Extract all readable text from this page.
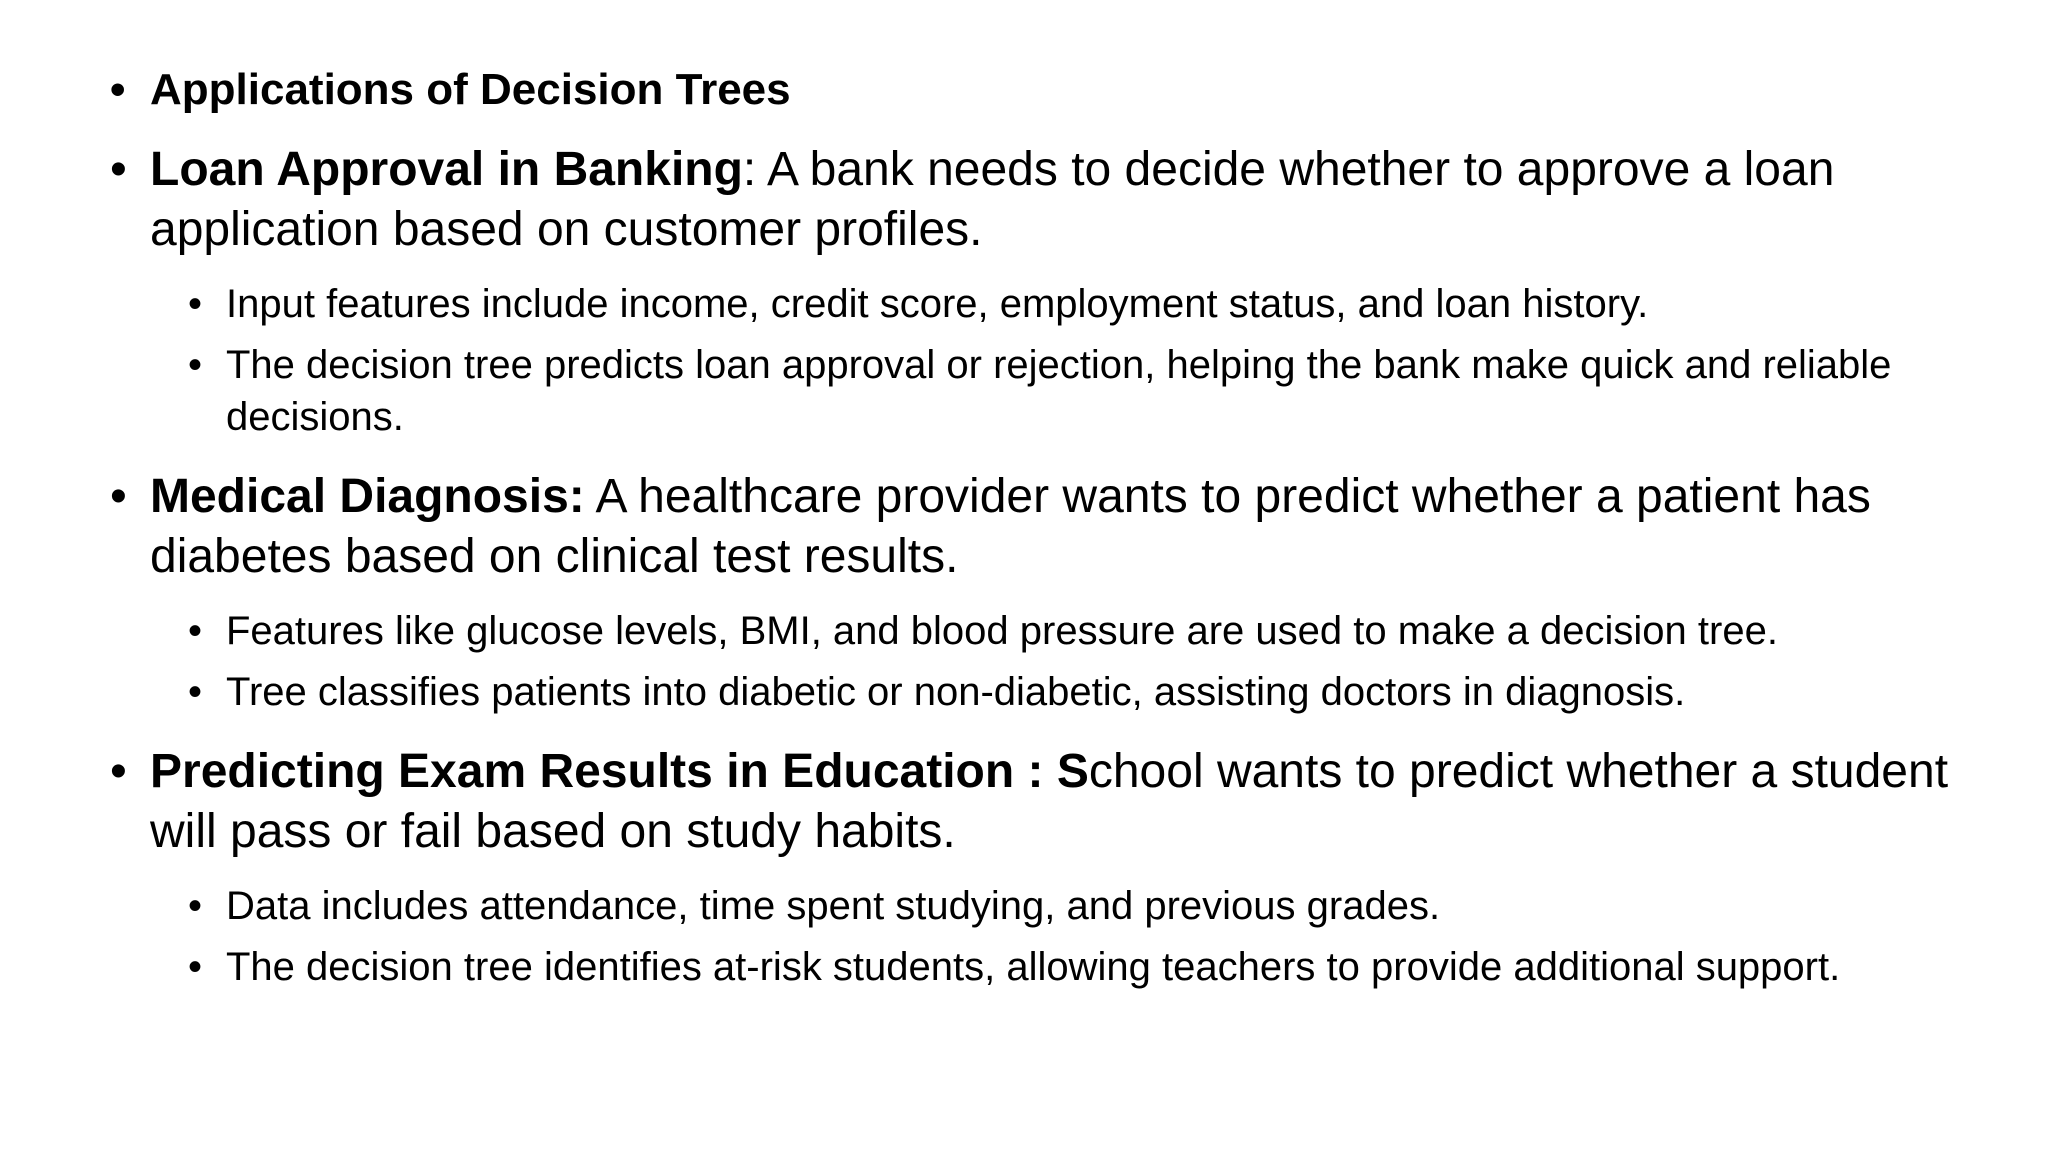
• Applications of Decision Trees
• Loan Approval in Banking: A bank needs to decide whether to approve a loan application based on customer profiles.
• Input features include income, credit score, employment status, and loan history.
• The decision tree predicts loan approval or rejection, helping the bank make quick and reliable decisions.
• Medical Diagnosis: A healthcare provider wants to predict whether a patient has diabetes based on clinical test results.
• Features like glucose levels, BMI, and blood pressure are used to make a decision tree.
• Tree classifies patients into diabetic or non-diabetic, assisting doctors in diagnosis.
• Predicting Exam Results in Education : School wants to predict whether a student will pass or fail based on study habits.
• Data includes attendance, time spent studying, and previous grades.
• The decision tree identifies at-risk students, allowing teachers to provide additional support.
